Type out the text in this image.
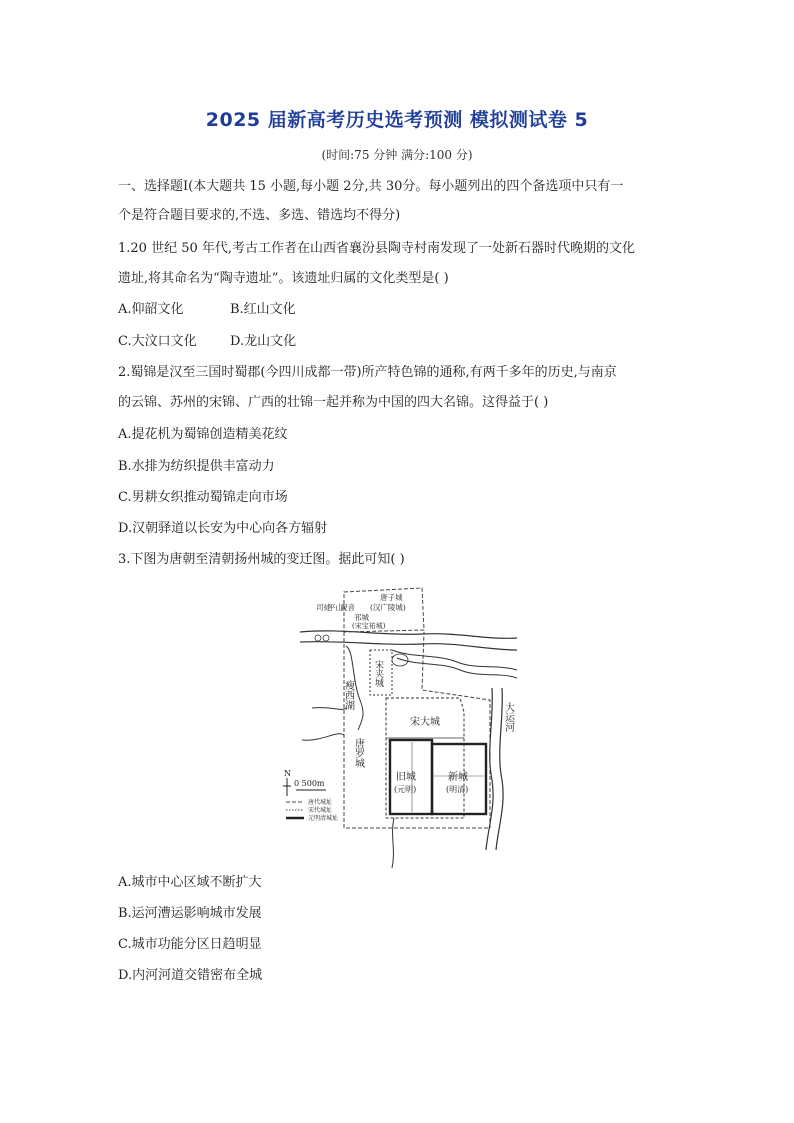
2025 届新高考历史选考预测 模拟测试卷 5
(时间:75 分钟 满分:100 分)
一、选择题Ⅰ(本大题共 15 小题,每小题 2分,共 30分。每小题列出的四个备选项中只有一
个是符合题目要求的,不选、多选、错选均不得分)
1.20 世纪 50 年代,考古工作者在山西省襄汾县陶寺村南发现了一处新石器时代晚期的文化
遗址,将其命名为“陶寺遗址”。该遗址归属的文化类型是( )
A.仰韶文化	B.红山文化
C.大汶口文化	D.龙山文化
2.蜀锦是汉至三国时蜀郡(今四川成都一带)所产特色锦的通称,有两千多年的历史,与南京
的云锦、苏州的宋锦、广西的壮锦一起并称为中国的四大名锦。这得益于( )
A.提花机为蜀锦创造精美花纹
B.水排为纺织提供丰富动力
C.男耕女织推动蜀锦走向市场
D.汉朝驿道以长安为中心向各方辐射
3.下图为唐朝至清朝扬州城的变迁图。据此可知( )
唐子城
(汉广陵城)
邗城
(宋宝祐城)
司徒
平山
观音
瘦西湖
宋夹城
宋大城
唐罗城
旧城
(元明)
新城
(明清)
大运河
N
0 500m
唐代城址
宋代城址
元明清城址
A.城市中心区域不断扩大
B.运河漕运影响城市发展
C.城市功能分区日趋明显
D.内河河道交错密布全城
